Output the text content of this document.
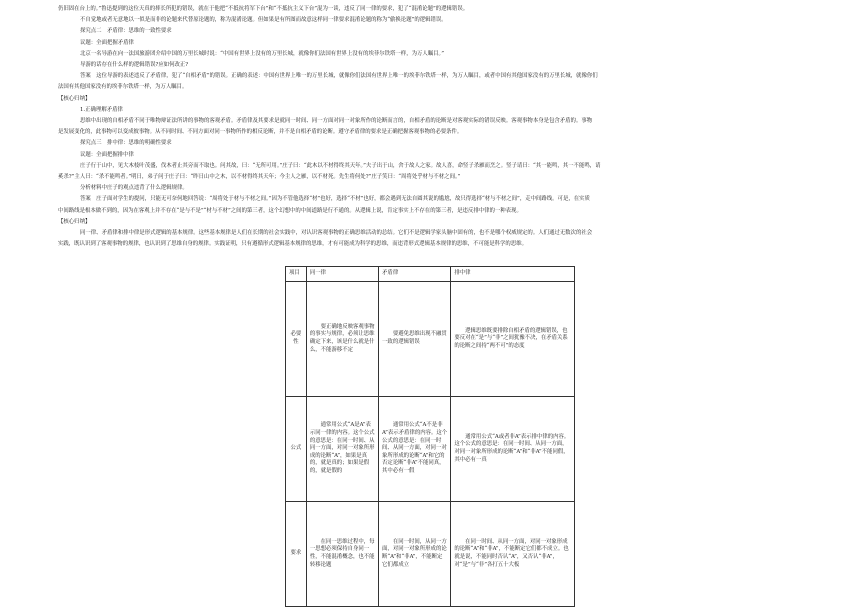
仍旧固在台上的。”鲁迅提到的这位天真的摔长所犯的错误，就在于他把“不抵抗将军下台”和“不抵抗主义下台”混为一谈，违反了同一律的要求，犯了“混淆论题”的逻辑错误。

不自觉地或者无意地以一似是而非的论题来代替原论题的，称为混淆论题。但如果是有所图而故意这样同一律要求混淆论题的称为“偷换论题”的逻辑错误。

探究点二　矛盾律：思维的一致性要求

议题：全面把握矛盾律

北京一名导游在向一法国旅游团介绍中国的万里长城时说：“中国有世界上没有的万里长城，就像你们法国有世界上没有的埃菲尔铁塔一样，为万人瞩目。”

导游的话存在什么样的逻辑错误?应如何改正?

答案　这位导游的表述违反了矛盾律，犯了“自相矛盾”的错误。正确的表述：中国有世界上唯一的万里长城，就像你们法国有世界上唯一的埃菲尔铁塔一样，为万人瞩目，或者中国有其他国家没有的万里长城，就像你们

法国有其他国家没有的埃菲尔铁塔一样，为万人瞩目。

【核心归纳】

1.正确理解矛盾律

思维中出现的自相矛盾不同于唯物辩证法所讲的事物的客观矛盾。矛盾律及其要求是就同一时间、同一方面对同一对象所作的论断而言的，自相矛盾的论断是对客观实际的错误反映。客观事物本身是包含矛盾的。事物

是发展变化的，此事物可以变成彼事物。从不同时间、不同方面对同一事物所作的相反论断，并不是自相矛盾的论断。遵守矛盾律的要求是正确把握客观事物的必要条件。

探究点三　排中律：思维的明确性要求

议题：全面把握排中律

庄子行于山中，见大木枝叶茂盛，伐木者止其旁而不取也。问其故，曰：“无所可用。”庄子曰：“此木以不材得终其天年。”夫子出于山，舍于故人之家。故人喜，命竖子杀雁而烹之。竖子请曰：“其一能鸣，其一不能鸣，请

奚杀?”主人曰：“杀不能鸣者。”明日，弟子问于庄子曰：“昨日山中之木，以不材得终其天年；今主人之雁，以不材死。先生将何处?”庄子笑曰：“周将处乎材与不材之间。”

分析材料中庄子的观点违背了什么逻辑规律。

答案　庄子面对学生的提问，只能无可奈何地回答说：“周将处于材与不材之间。”因为不管他选择“材”也好，选择“不材”也好，都会遇到无法自圆其说的尴尬，故只得选择“材与不材之间”，走中间路线。可是，在实质

中间路线是根本做不到的，因为在客观上并不存在“是与不是”“材与不材”之间的第三者，这个幻想中的中间道路是行不通的。从逻辑上说，肯定事实上不存在的第三者，是违反排中律的一种表现。

【核心归纳】

同一律、矛盾律和排中律是形式逻辑的基本规律。这些基本规律是人们在长期的社会实践中，对认识客观事物的正确思维活动的总结。它们不是逻辑学家头脑中固有的，也不是哪个权威规定的。人们通过无数次的社会

实践，既认识到了客观事物的规律，也认识到了思维自身的规律。实践证明，只有遵循形式逻辑基本规律的思维，才有可能成为科学的思维，而违背形式逻辑基本规律的思维，不可能是科学的思维。

项目	同一律	矛盾律	排中律
必要性	　　要正确地反映客观事物的事实与规律，必须让思维确定下来，该是什么就是什么，不能游移不定	　　要避免思维出现不融贯一致的逻辑错误	　　逻辑思维既要排除自相矛盾的逻辑错误，也要反对在“是”与“非”之间犹豫不决，在矛盾关系的论断之间持“两不可”的态度
公式	　　通常用公式“A是A”表示同一律的内容。这个公式的意思是：在同一时间、从同一方面，对同一对象所形成的论断“A”，如果是真的，就是真的；如果是假的，就是假的	　　通常用公式“A不是非A”表示矛盾律的内容。这个公式的意思是：在同一时间、从同一方面，对同一对象所形成的论断“A”和它的否定论断“非A”不能同真，其中必有一假	　　通常用公式“A或者非A”表示排中律的内容。这个公式的意思是：在同一时间、从同一方面，对同一对象所形成的论断“A”和“非A”不能同假，其中必有一真
要求	　　在同一思维过程中，每一思想必须保持自身同一性，不能混淆概念，也不能转移论题	　　在同一时间，从同一方面，对同一对象所形成的论断“A”和“非A”，不能断定它们都成立	　　在同一时间、从同一方面，对同一对象形成的论断“A”和“非A”，不能断定它们都不成立。也就是说，不能同时否认“A”，又否认“非A”，对“是”与“非”各打五十大板
